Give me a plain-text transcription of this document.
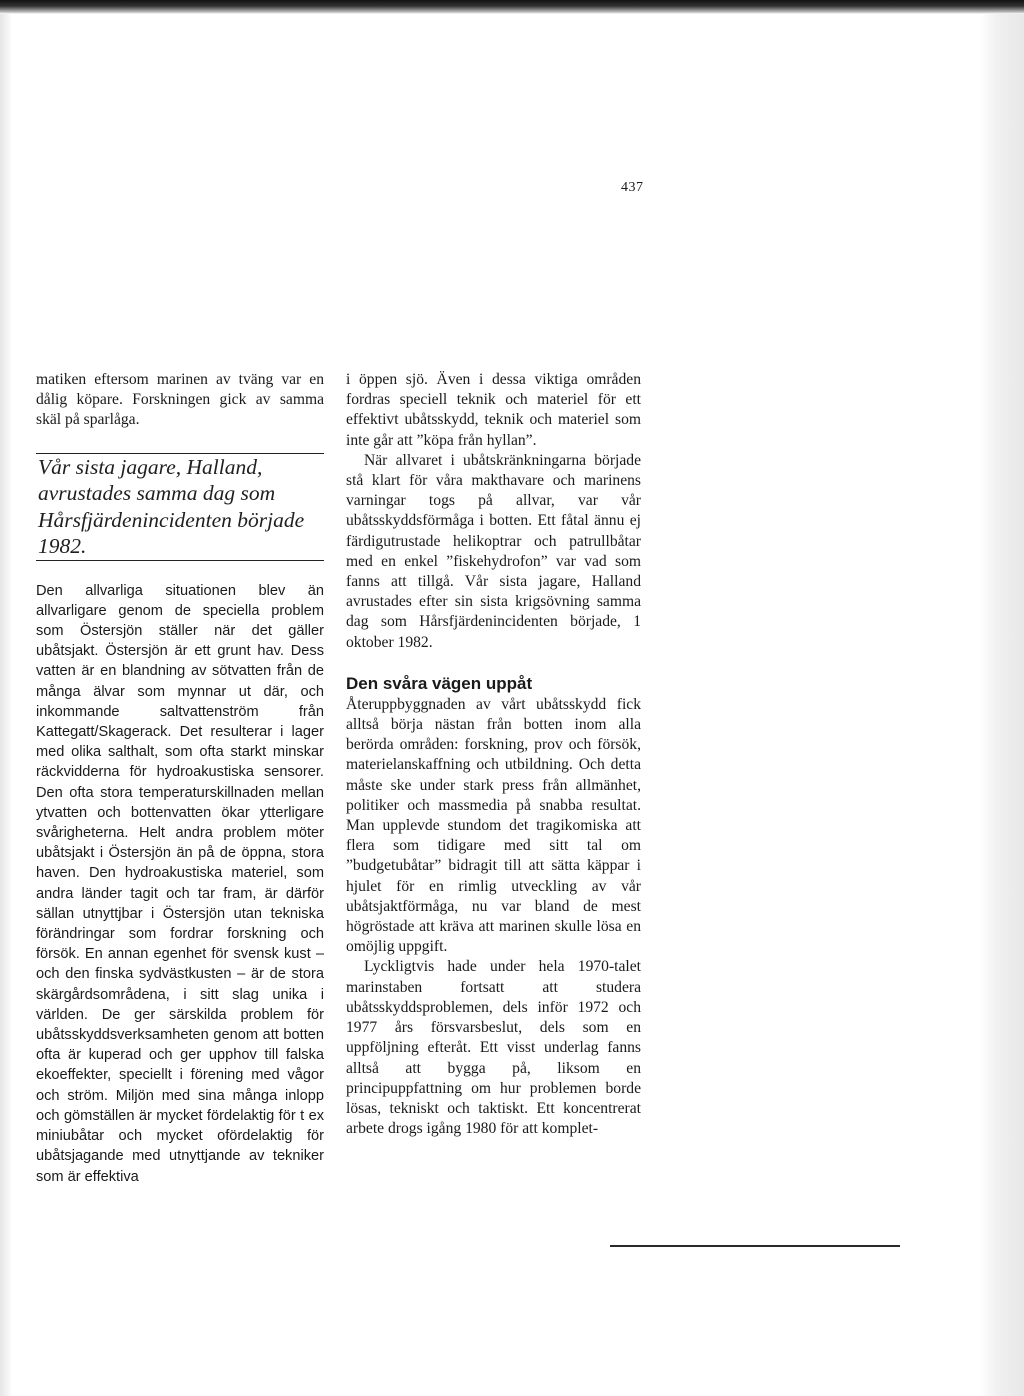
437

matiken eftersom marinen av tväng var en dålig köpare. Forskningen gick av samma skäl på sparlåga.

Vår sista jagare, Halland, avrustades samma dag som Hårsfjärdenincidenten började 1982.

Den allvarliga situationen blev än allvarligare genom de speciella problem som Östersjön ställer när det gäller ubåtsjakt. Östersjön är ett grunt hav. Dess vatten är en blandning av sötvatten från de många älvar som mynnar ut där, och inkommande saltvattenström från Kattegatt/Skagerack. Det resulterar i lager med olika salthalt, som ofta starkt minskar räckvidderna för hydroakustiska sensorer. Den ofta stora temperaturskillnaden mellan ytvatten och bottenvatten ökar ytterligare svårigheterna. Helt andra problem möter ubåtsjakt i Östersjön än på de öppna, stora haven. Den hydroakustiska materiel, som andra länder tagit och tar fram, är därför sällan utnyttjbar i Östersjön utan tekniska förändringar som fordrar forskning och försök. En annan egenhet för svensk kust – och den finska sydvästkusten – är de stora skärgårdsområdena, i sitt slag unika i världen. De ger särskilda problem för ubåtsskyddsverksamheten genom att botten ofta är kuperad och ger upphov till falska ekoeffekter, speciellt i förening med vågor och ström. Miljön med sina många inlopp och gömställen är mycket fördelaktig för t ex miniubåtar och mycket ofördelaktig för ubåtsjagande med utnyttjande av tekniker som är effektiva

i öppen sjö. Även i dessa viktiga områden fordras speciell teknik och materiel för ett effektivt ubåtsskydd, teknik och materiel som inte går att ”köpa från hyllan”.

När allvaret i ubåtskränkningarna började stå klart för våra makthavare och marinens varningar togs på allvar, var vår ubåtsskyddsförmåga i botten. Ett fåtal ännu ej färdigutrustade helikoptrar och patrullbåtar med en enkel ”fiskehydrofon” var vad som fanns att tillgå. Vår sista jagare, Halland avrustades efter sin sista krigsövning samma dag som Hårsfjärdenincidenten började, 1 oktober 1982.

Den svåra vägen uppåt

Återuppbyggnaden av vårt ubåtsskydd fick alltså börja nästan från botten inom alla berörda områden: forskning, prov och försök, materielanskaffning och utbildning. Och detta måste ske under stark press från allmänhet, politiker och massmedia på snabba resultat. Man upplevde stundom det tragikomiska att flera som tidigare med sitt tal om ”budgetubåtar” bidragit till att sätta käppar i hjulet för en rimlig utveckling av vår ubåtsjaktförmåga, nu var bland de mest högröstade att kräva att marinen skulle lösa en omöjlig uppgift.

Lyckligtvis hade under hela 1970-talet marinstaben fortsatt att studera ubåtsskyddsproblemen, dels inför 1972 och 1977 års försvarsbeslut, dels som en uppföljning efteråt. Ett visst underlag fanns alltså att bygga på, liksom en principuppfattning om hur problemen borde lösas, tekniskt och taktiskt. Ett koncentrerat arbete drogs igång 1980 för att komplet-
